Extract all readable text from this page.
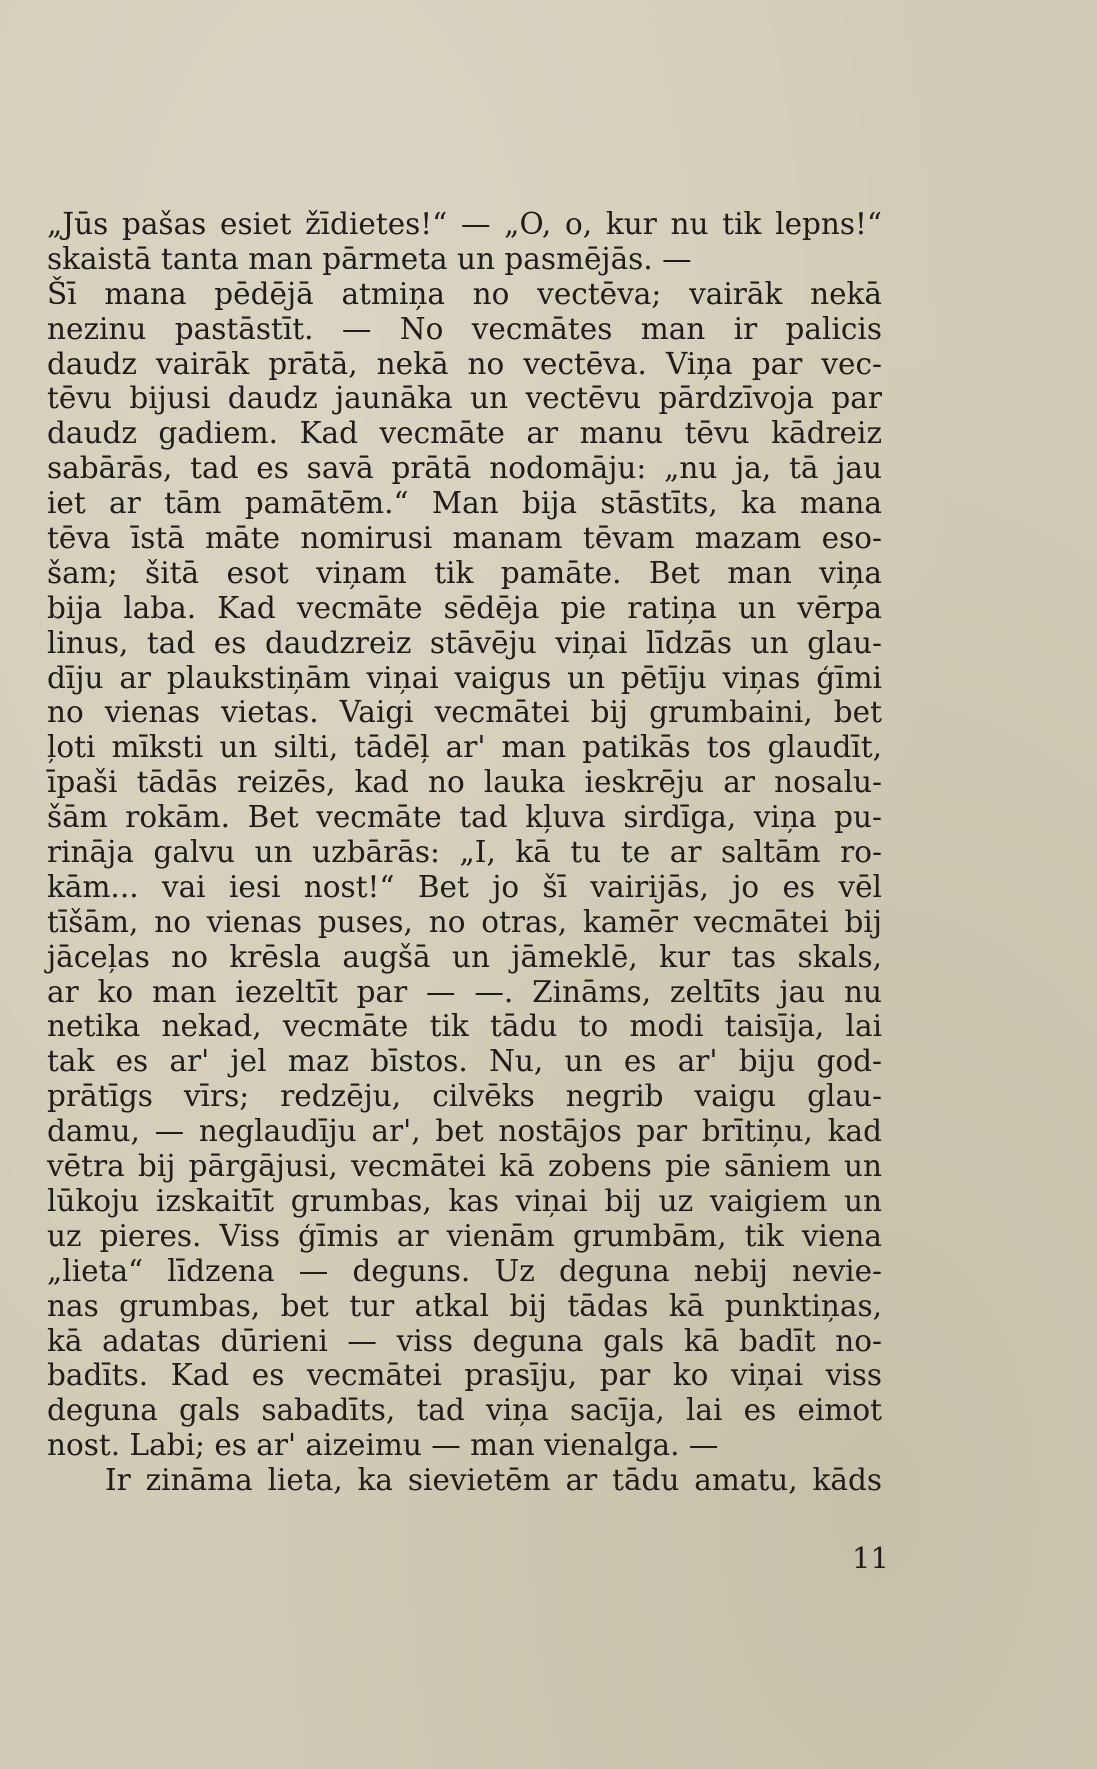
„Jūs pašas esiet žīdietes!“ — „O, o, kur nu tik lepns!“
skaistā tanta man pārmeta un pasmējās. —
Šī mana pēdējā atmiņa no vectēva; vairāk nekā
nezinu pastāstīt. — No vecmātes man ir palicis
daudz vairāk prātā, nekā no vectēva. Viņa par vec-
tēvu bijusi daudz jaunāka un vectēvu pārdzīvoja par
daudz gadiem. Kad vecmāte ar manu tēvu kādreiz
sabārās, tad es savā prātā nodomāju: „nu ja, tā jau
iet ar tām pamātēm.“ Man bija stāstīts, ka mana
tēva īstā māte nomirusi manam tēvam mazam eso-
šam; šitā esot viņam tik pamāte. Bet man viņa
bija laba. Kad vecmāte sēdēja pie ratiņa un vērpa
linus, tad es daudzreiz stāvēju viņai līdzās un glau-
dīju ar plaukstiņām viņai vaigus un pētīju viņas ģīmi
no vienas vietas. Vaigi vecmātei bij grumbaini, bet
ļoti mīksti un silti, tādēļ ar' man patikās tos glaudīt,
īpaši tādās reizēs, kad no lauka ieskrēju ar nosalu-
šām rokām. Bet vecmāte tad kļuva sirdīga, viņa pu-
rināja galvu un uzbārās: „I, kā tu te ar saltām ro-
kām... vai iesi nost!“ Bet jo šī vairijās, jo es vēl
tīšām, no vienas puses, no otras, kamēr vecmātei bij
jāceļas no krēsla augšā un jāmeklē, kur tas skals,
ar ko man iezeltīt par — —. Zināms, zeltīts jau nu
netika nekad, vecmāte tik tādu to modi taisīja, lai
tak es ar' jel maz bīstos. Nu, un es ar' biju god-
prātīgs vīrs; redzēju, cilvēks negrib vaigu glau-
damu, — neglaudīju ar', bet nostājos par brītiņu, kad
vētra bij pārgājusi, vecmātei kā zobens pie sāniem un
lūkoju izskaitīt grumbas, kas viņai bij uz vaigiem un
uz pieres. Viss ģīmis ar vienām grumbām, tik viena
„lieta“ līdzena — deguns. Uz deguna nebij nevie-
nas grumbas, bet tur atkal bij tādas kā punktiņas,
kā adatas dūrieni — viss deguna gals kā badīt no-
badīts. Kad es vecmātei prasīju, par ko viņai viss
deguna gals sabadīts, tad viņa sacīja, lai es eimot
nost. Labi; es ar' aizeimu — man vienalga. —
Ir zināma lieta, ka sievietēm ar tādu amatu, kāds
11
